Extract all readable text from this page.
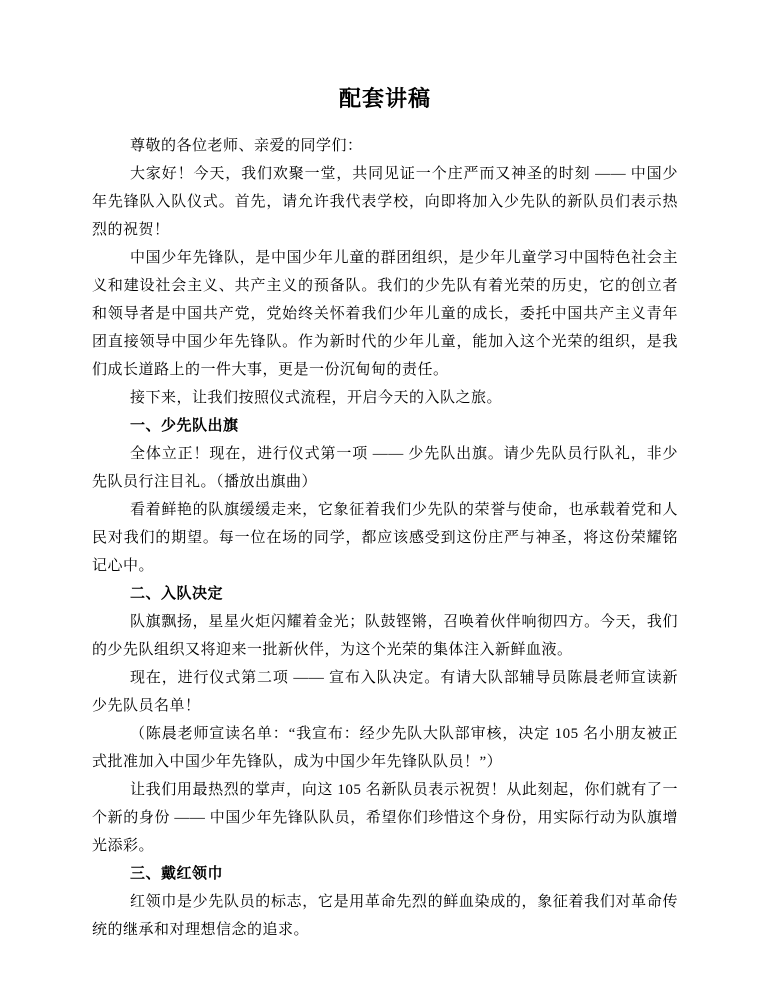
配套讲稿

尊敬的各位老师、亲爱的同学们：

大家好！今天，我们欢聚一堂，共同见证一个庄严而又神圣的时刻 —— 中国少年先锋队入队仪式。首先，请允许我代表学校，向即将加入少先队的新队员们表示热烈的祝贺！

中国少年先锋队，是中国少年儿童的群团组织，是少年儿童学习中国特色社会主义和建设社会主义、共产主义的预备队。我们的少先队有着光荣的历史，它的创立者和领导者是中国共产党，党始终关怀着我们少年儿童的成长，委托中国共产主义青年团直接领导中国少年先锋队。作为新时代的少年儿童，能加入这个光荣的组织，是我们成长道路上的一件大事，更是一份沉甸甸的责任。

接下来，让我们按照仪式流程，开启今天的入队之旅。

一、少先队出旗

全体立正！现在，进行仪式第一项 —— 少先队出旗。请少先队员行队礼，非少先队员行注目礼。（播放出旗曲）

看着鲜艳的队旗缓缓走来，它象征着我们少先队的荣誉与使命，也承载着党和人民对我们的期望。每一位在场的同学，都应该感受到这份庄严与神圣，将这份荣耀铭记心中。

二、入队决定

队旗飘扬，星星火炬闪耀着金光；队鼓铿锵，召唤着伙伴响彻四方。今天，我们的少先队组织又将迎来一批新伙伴，为这个光荣的集体注入新鲜血液。

现在，进行仪式第二项 —— 宣布入队决定。有请大队部辅导员陈晨老师宣读新少先队员名单！

（陈晨老师宣读名单：“我宣布：经少先队大队部审核，决定 105 名小朋友被正式批准加入中国少年先锋队，成为中国少年先锋队队员！”）

让我们用最热烈的掌声，向这 105 名新队员表示祝贺！从此刻起，你们就有了一个新的身份 —— 中国少年先锋队队员，希望你们珍惜这个身份，用实际行动为队旗增光添彩。

三、戴红领巾

红领巾是少先队员的标志，它是用革命先烈的鲜血染成的，象征着我们对革命传统的继承和对理想信念的追求。
